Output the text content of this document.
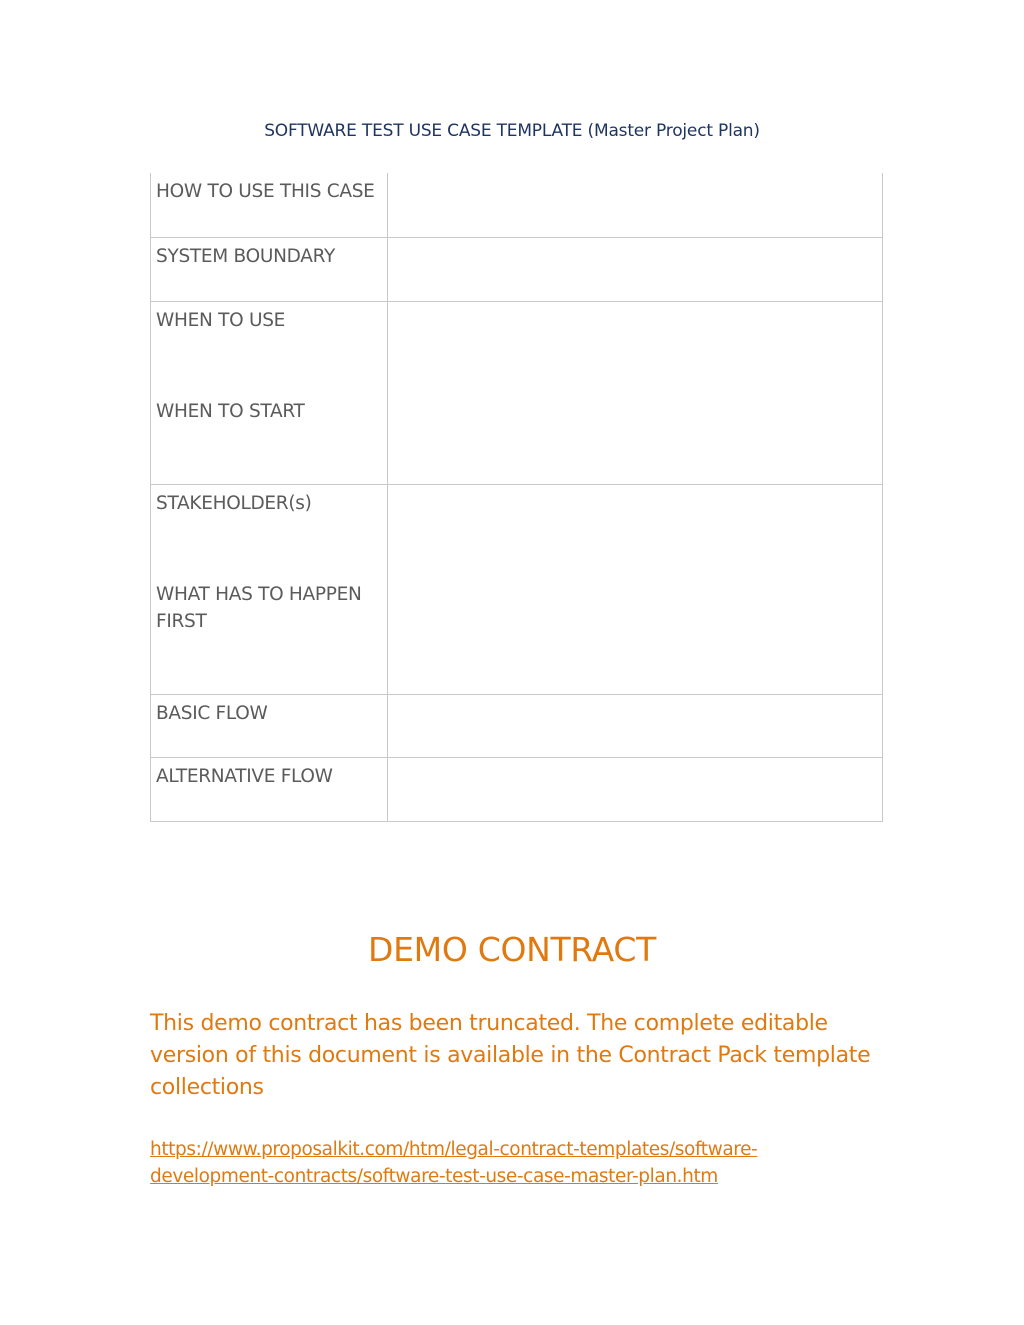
SOFTWARE TEST USE CASE TEMPLATE (Master Project Plan)
HOW TO USE THIS CASE	

SYSTEM BOUNDARY	

WHEN TO USE
WHEN TO START	

STAKEHOLDER(s)
WHAT HAS TO HAPPEN FIRST	

BASIC FLOW	

ALTERNATIVE FLOW	

DEMO CONTRACT
This demo contract has been truncated. The complete editable version of this document is available in the Contract Pack template collections
https://www.proposalkit.com/htm/legal-contract-templates/software-
development-contracts/software-test-use-case-master-plan.htm
